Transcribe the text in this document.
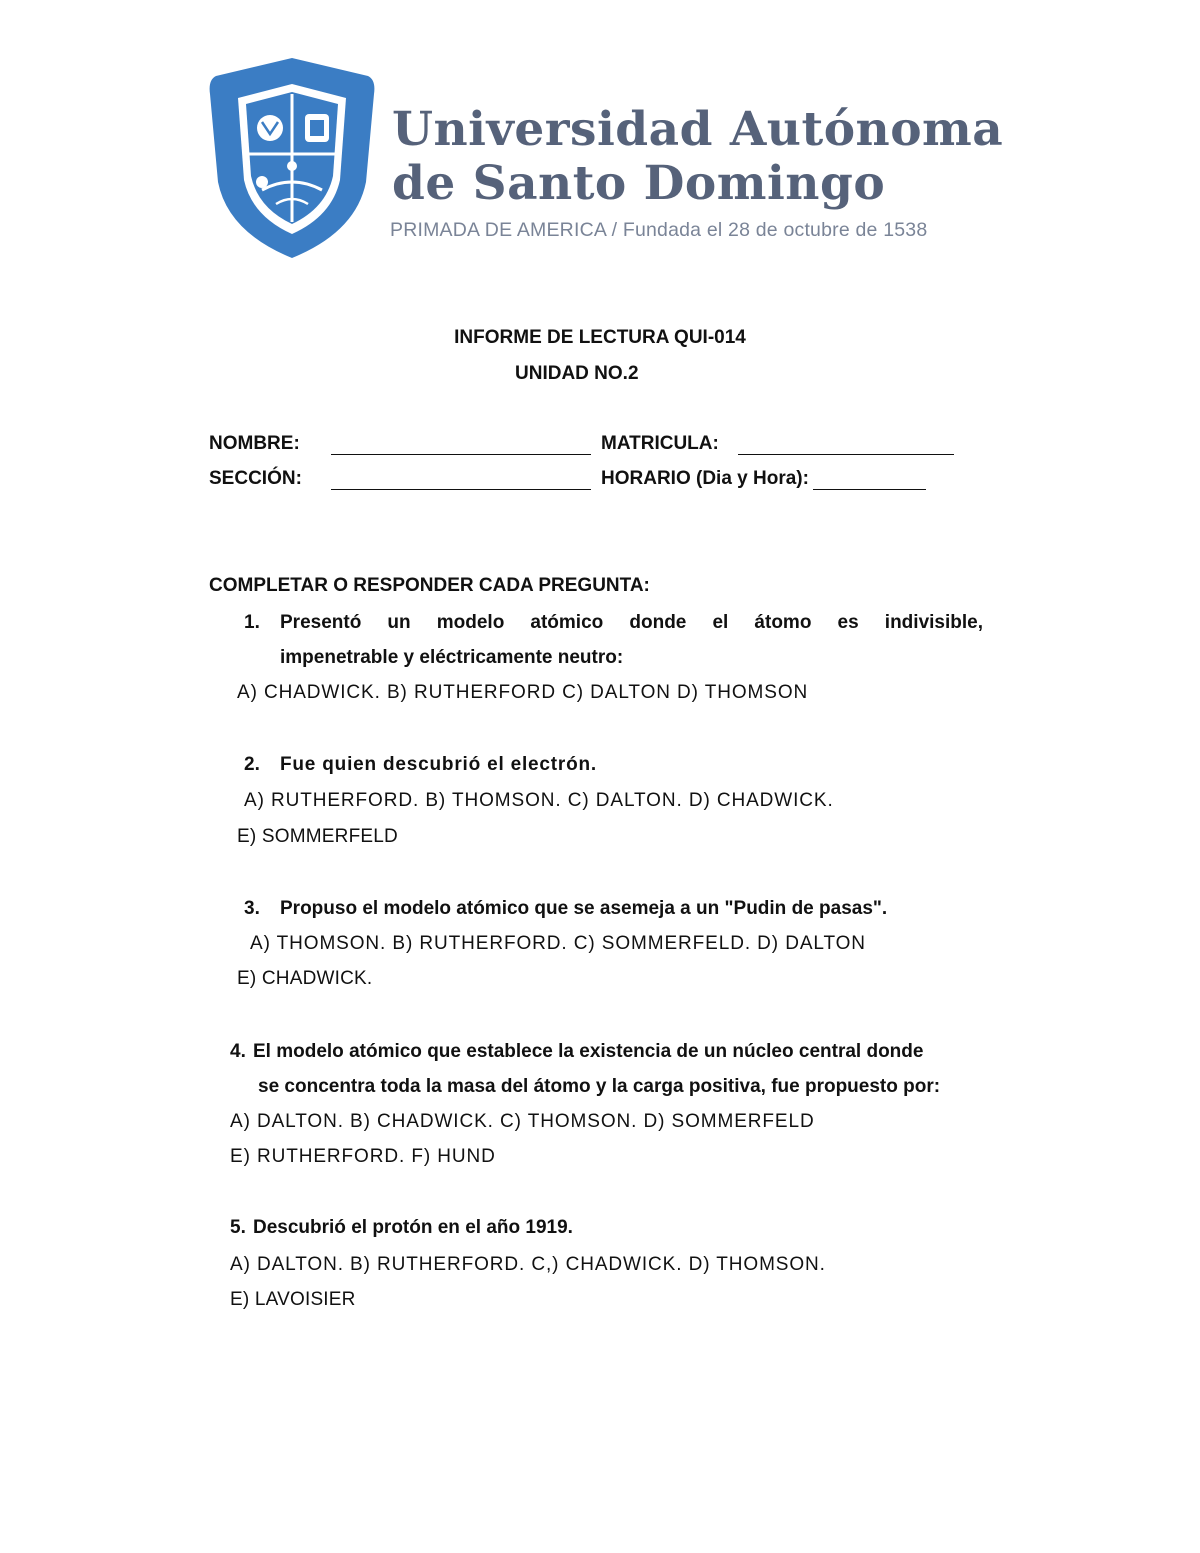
Universidad Autónoma
de Santo Domingo
PRIMADA DE AMERICA / Fundada el 28 de octubre de 1538
INFORME DE LECTURA QUI-014
UNIDAD NO.2
NOMBRE:	MATRICULA:
SECCIÓN:	HORARIO (Dia y Hora):
COMPLETAR O RESPONDER CADA PREGUNTA:
1. Presentó un modelo atómico donde el átomo es indivisible,
impenetrable y eléctricamente neutro:
A) CHADWICK. B) RUTHERFORD C) DALTON D) THOMSON
2. Fue quien descubrió el electrón.
A) RUTHERFORD. B) THOMSON. C) DALTON. D) CHADWICK.
E) SOMMERFELD
3. Propuso el modelo atómico que se asemeja a un "Pudin de pasas".
A) THOMSON. B) RUTHERFORD. C) SOMMERFELD. D) DALTON
E) CHADWICK.
4. El modelo atómico que establece la existencia de un núcleo central donde
se concentra toda la masa del átomo y la carga positiva, fue propuesto por:
A) DALTON. B) CHADWICK. C) THOMSON. D) SOMMERFELD
E) RUTHERFORD. F) HUND
5. Descubrió el protón en el año 1919.
A) DALTON. B) RUTHERFORD. C,) CHADWICK. D) THOMSON.
E) LAVOISIER
